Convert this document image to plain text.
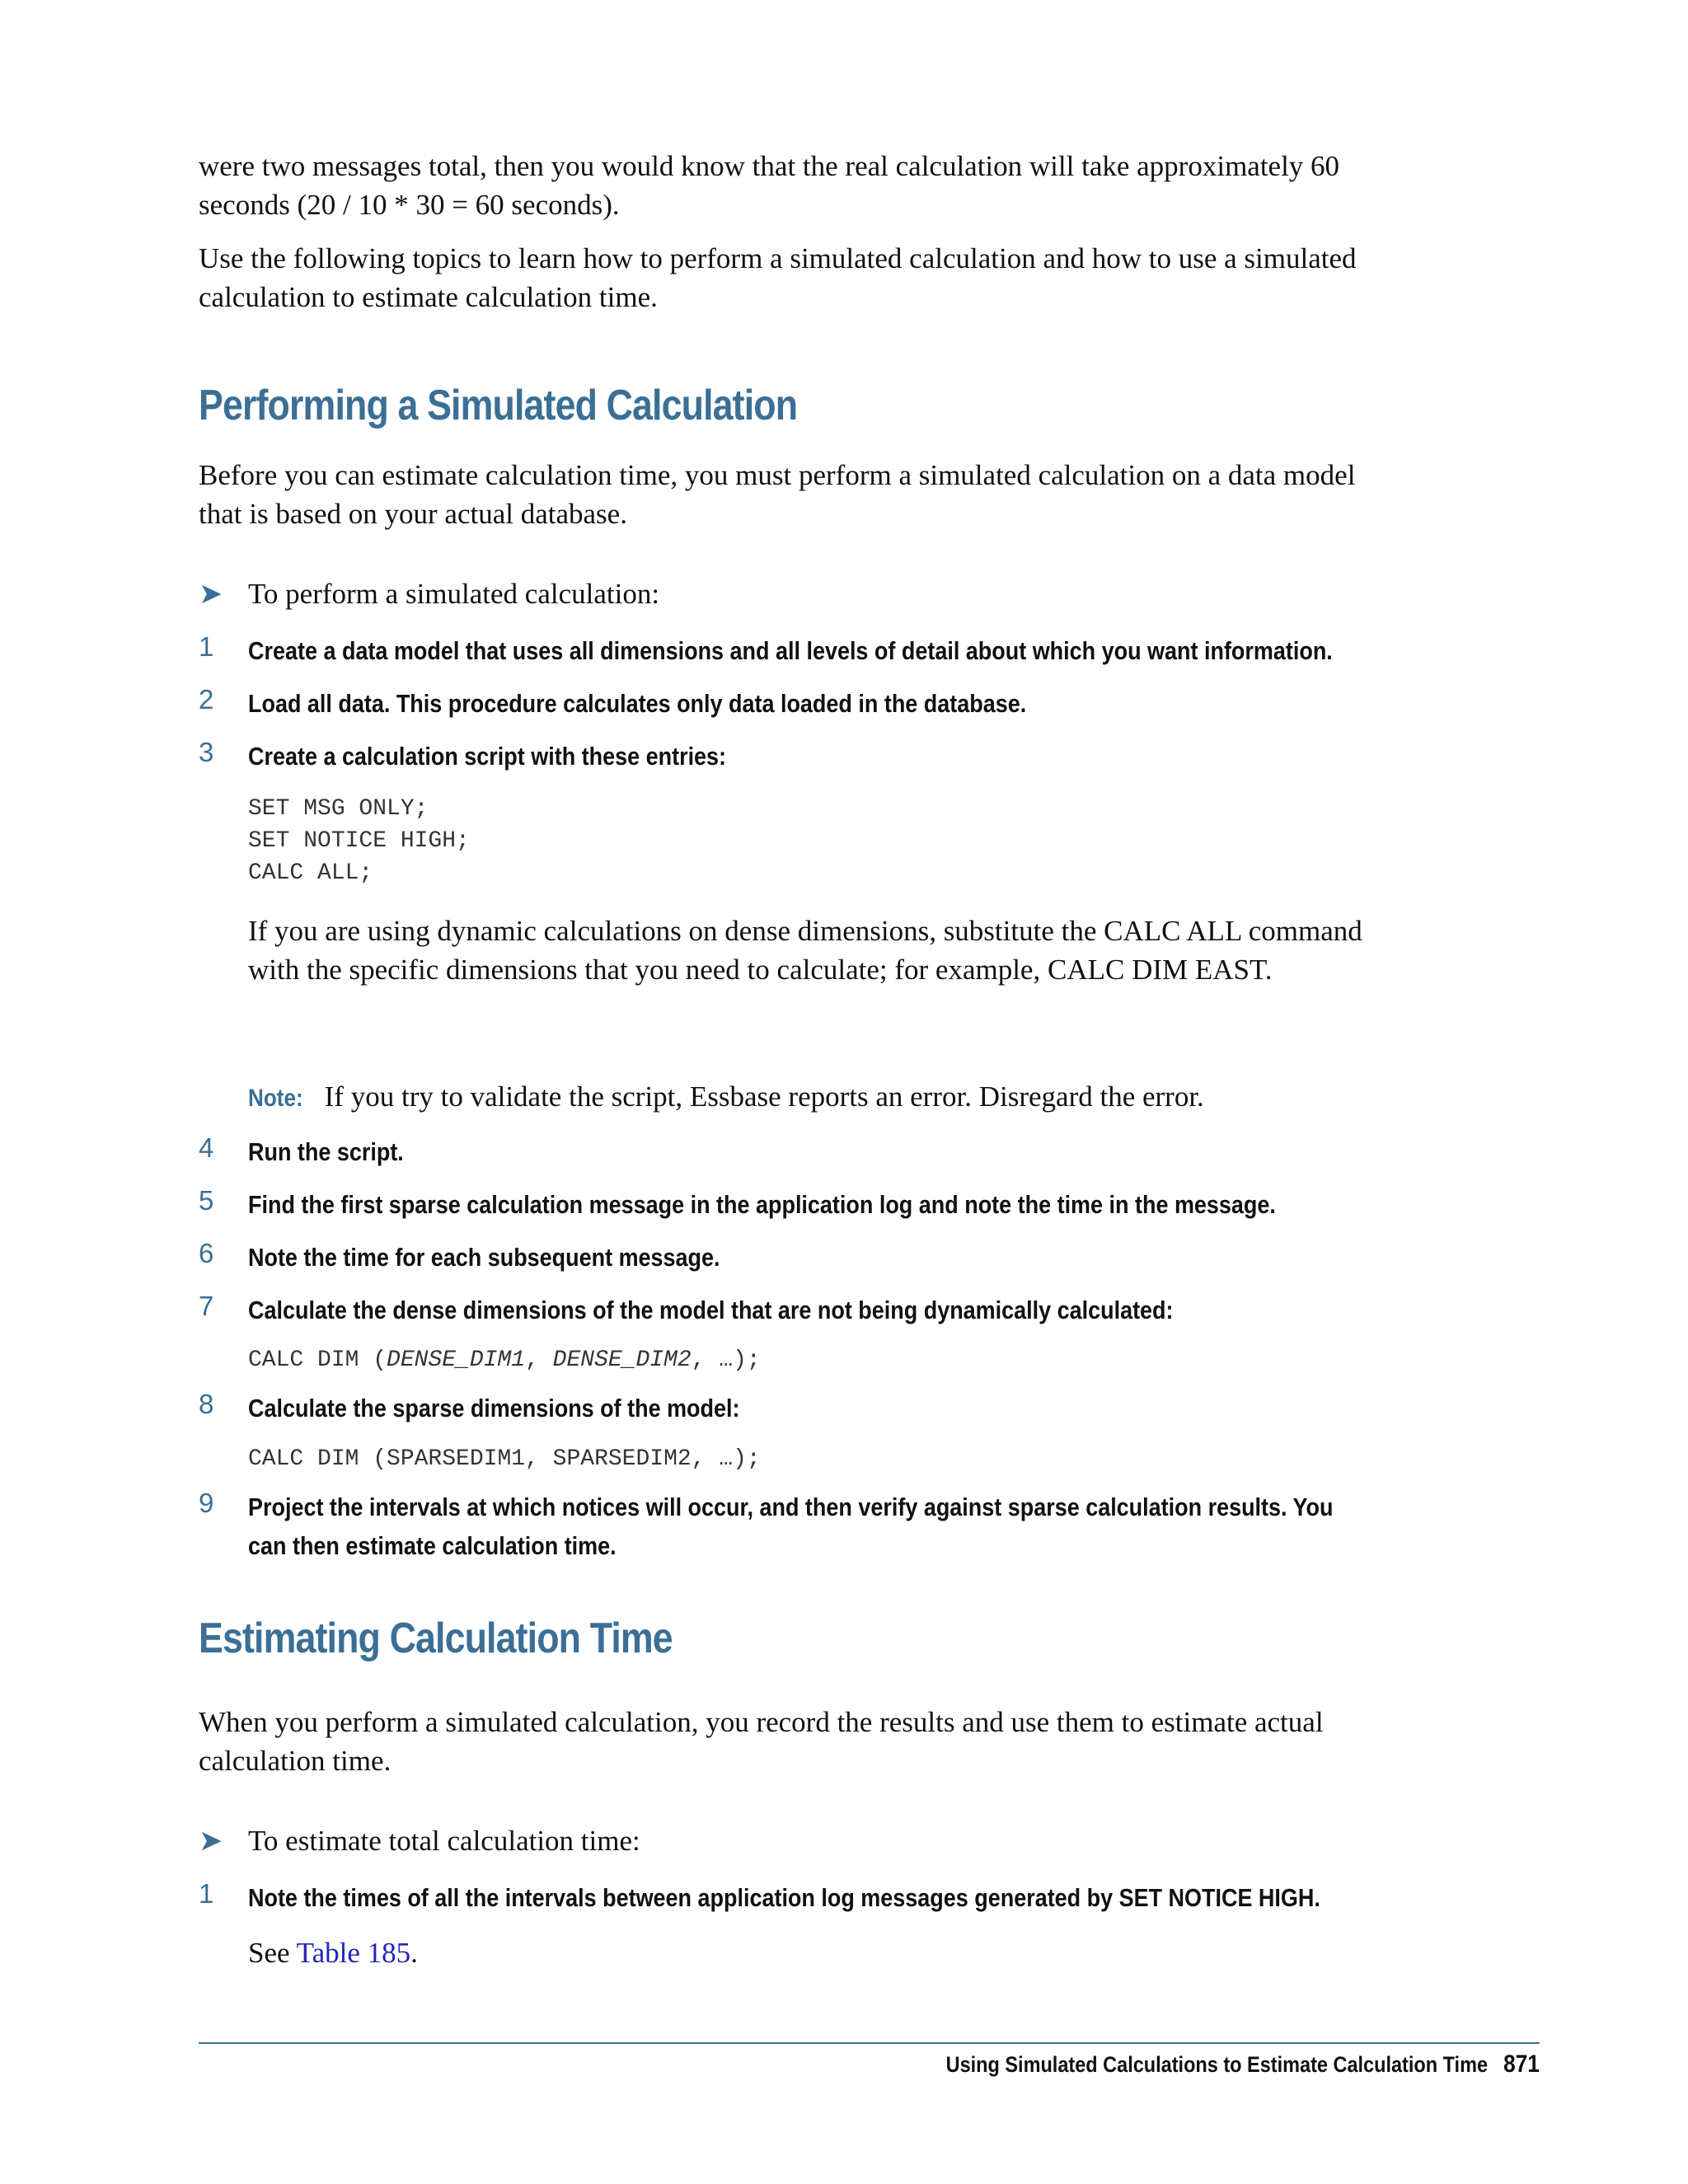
were two messages total, then you would know that the real calculation will take approximately 60 seconds (20 / 10 * 30 = 60 seconds).

Use the following topics to learn how to perform a simulated calculation and how to use a simulated calculation to estimate calculation time.

Performing a Simulated Calculation

Before you can estimate calculation time, you must perform a simulated calculation on a data model that is based on your actual database.

➤ To perform a simulated calculation:
1	Create a data model that uses all dimensions and all levels of detail about which you want information.
2	Load all data. This procedure calculates only data loaded in the database.
3	Create a calculation script with these entries:
SET MSG ONLY;
SET NOTICE HIGH;
CALC ALL;

If you are using dynamic calculations on dense dimensions, substitute the CALC ALL command with the specific dimensions that you need to calculate; for example, CALC DIM EAST.

Note: If you try to validate the script, Essbase reports an error. Disregard the error.
4	Run the script.
5	Find the first sparse calculation message in the application log and note the time in the message.
6	Note the time for each subsequent message.
7	Calculate the dense dimensions of the model that are not being dynamically calculated:
CALC DIM (DENSE_DIM1, DENSE_DIM2, …);
8	Calculate the sparse dimensions of the model:
CALC DIM (SPARSEDIM1, SPARSEDIM2, …);
9	Project the intervals at which notices will occur, and then verify against sparse calculation results. You
can then estimate calculation time.
Estimating Calculation Time

When you perform a simulated calculation, you record the results and use them to estimate actual calculation time.

➤ To estimate total calculation time:
1	Note the times of all the intervals between application log messages generated by SET NOTICE HIGH.
See Table 185.
Using Simulated Calculations to Estimate Calculation Time 871
